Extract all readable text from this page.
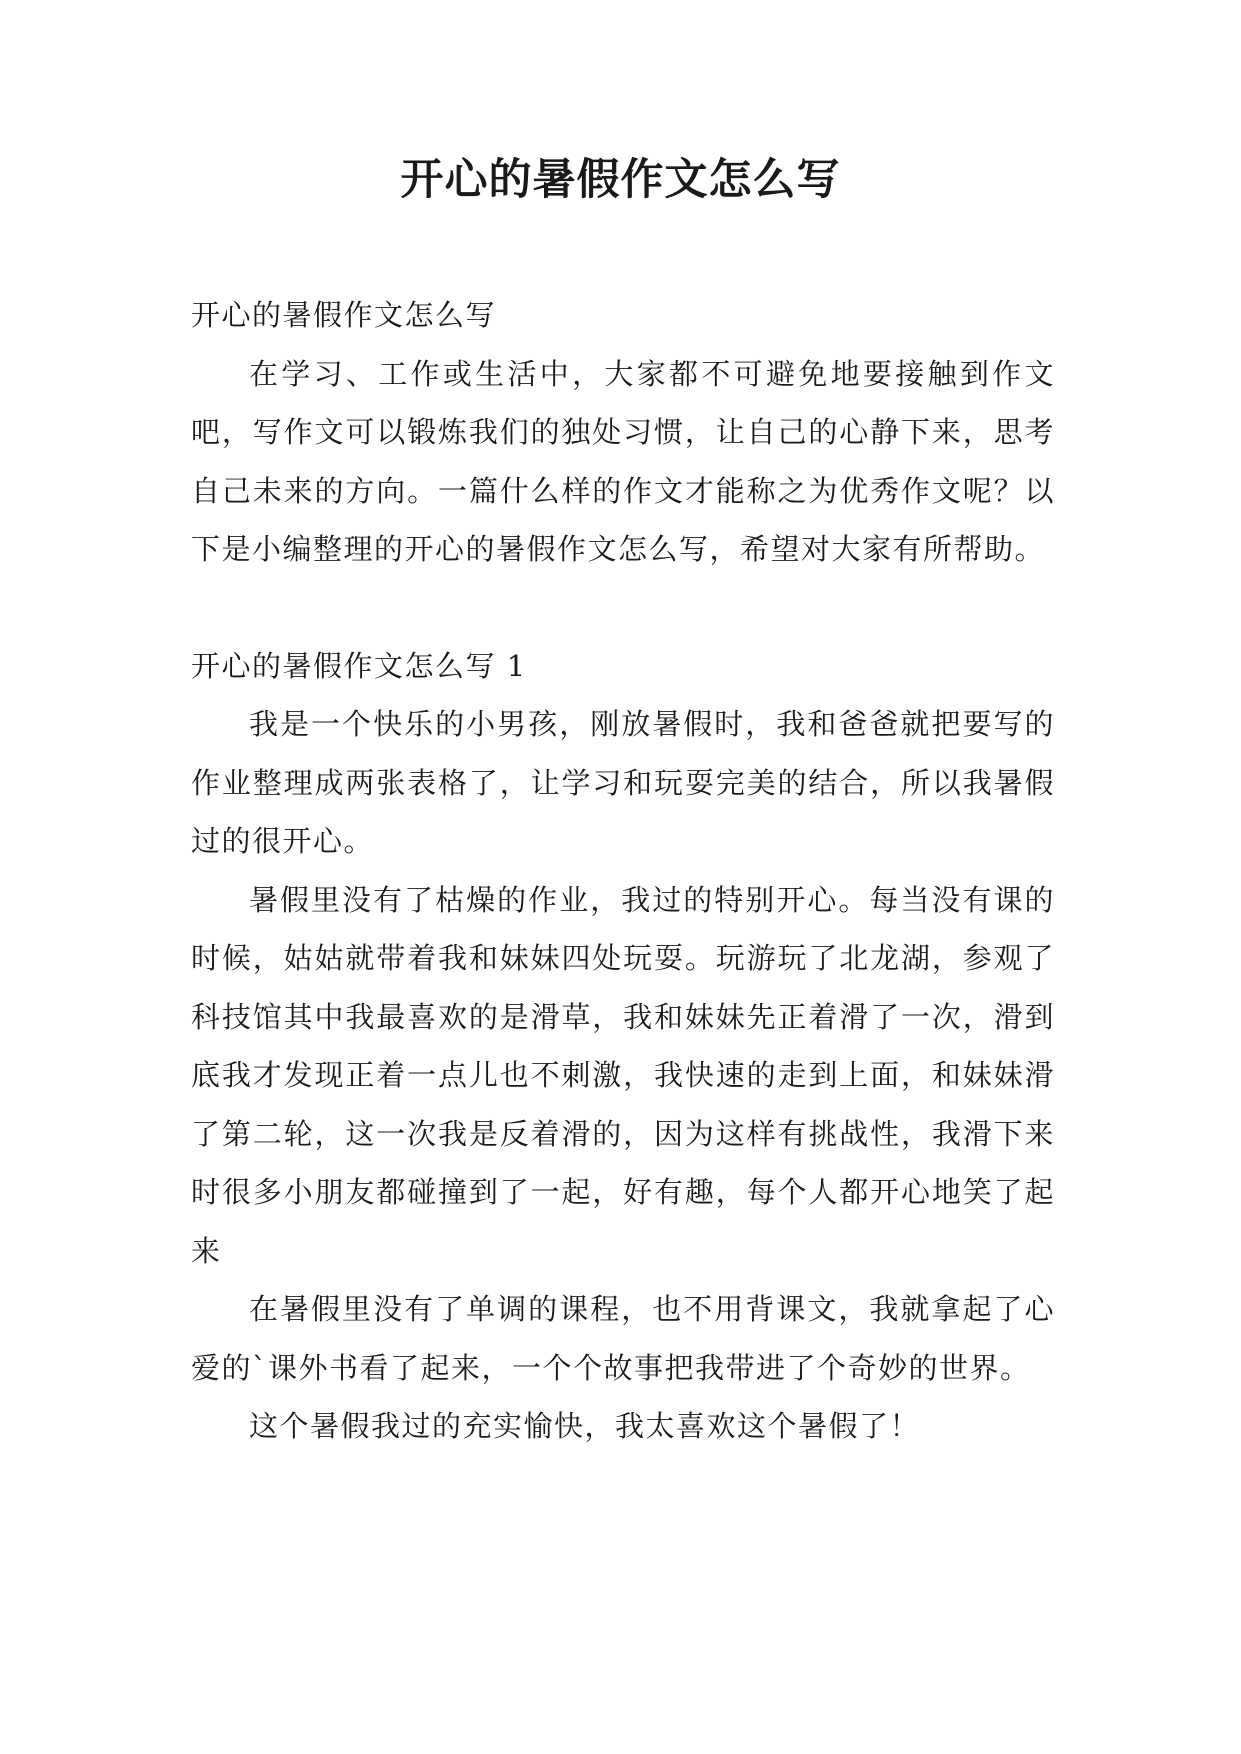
开心的暑假作文怎么写

开心的暑假作文怎么写

在学习、工作或生活中，大家都不可避免地要接触到作文吧，写作文可以锻炼我们的独处习惯，让自己的心静下来，思考自己未来的方向。一篇什么样的作文才能称之为优秀作文呢？以下是小编整理的开心的暑假作文怎么写，希望对大家有所帮助。

开心的暑假作文怎么写 1

我是一个快乐的小男孩，刚放暑假时，我和爸爸就把要写的作业整理成两张表格了，让学习和玩耍完美的结合，所以我暑假过的很开心。

暑假里没有了枯燥的作业，我过的特别开心。每当没有课的时候，姑姑就带着我和妹妹四处玩耍。玩游玩了北龙湖，参观了科技馆其中我最喜欢的是滑草，我和妹妹先正着滑了一次，滑到底我才发现正着一点儿也不刺激，我快速的走到上面，和妹妹滑了第二轮，这一次我是反着滑的，因为这样有挑战性，我滑下来时很多小朋友都碰撞到了一起，好有趣，每个人都开心地笑了起来

在暑假里没有了单调的课程，也不用背课文，我就拿起了心爱的`课外书看了起来，一个个故事把我带进了个奇妙的世界。

这个暑假我过的充实愉快，我太喜欢这个暑假了！
